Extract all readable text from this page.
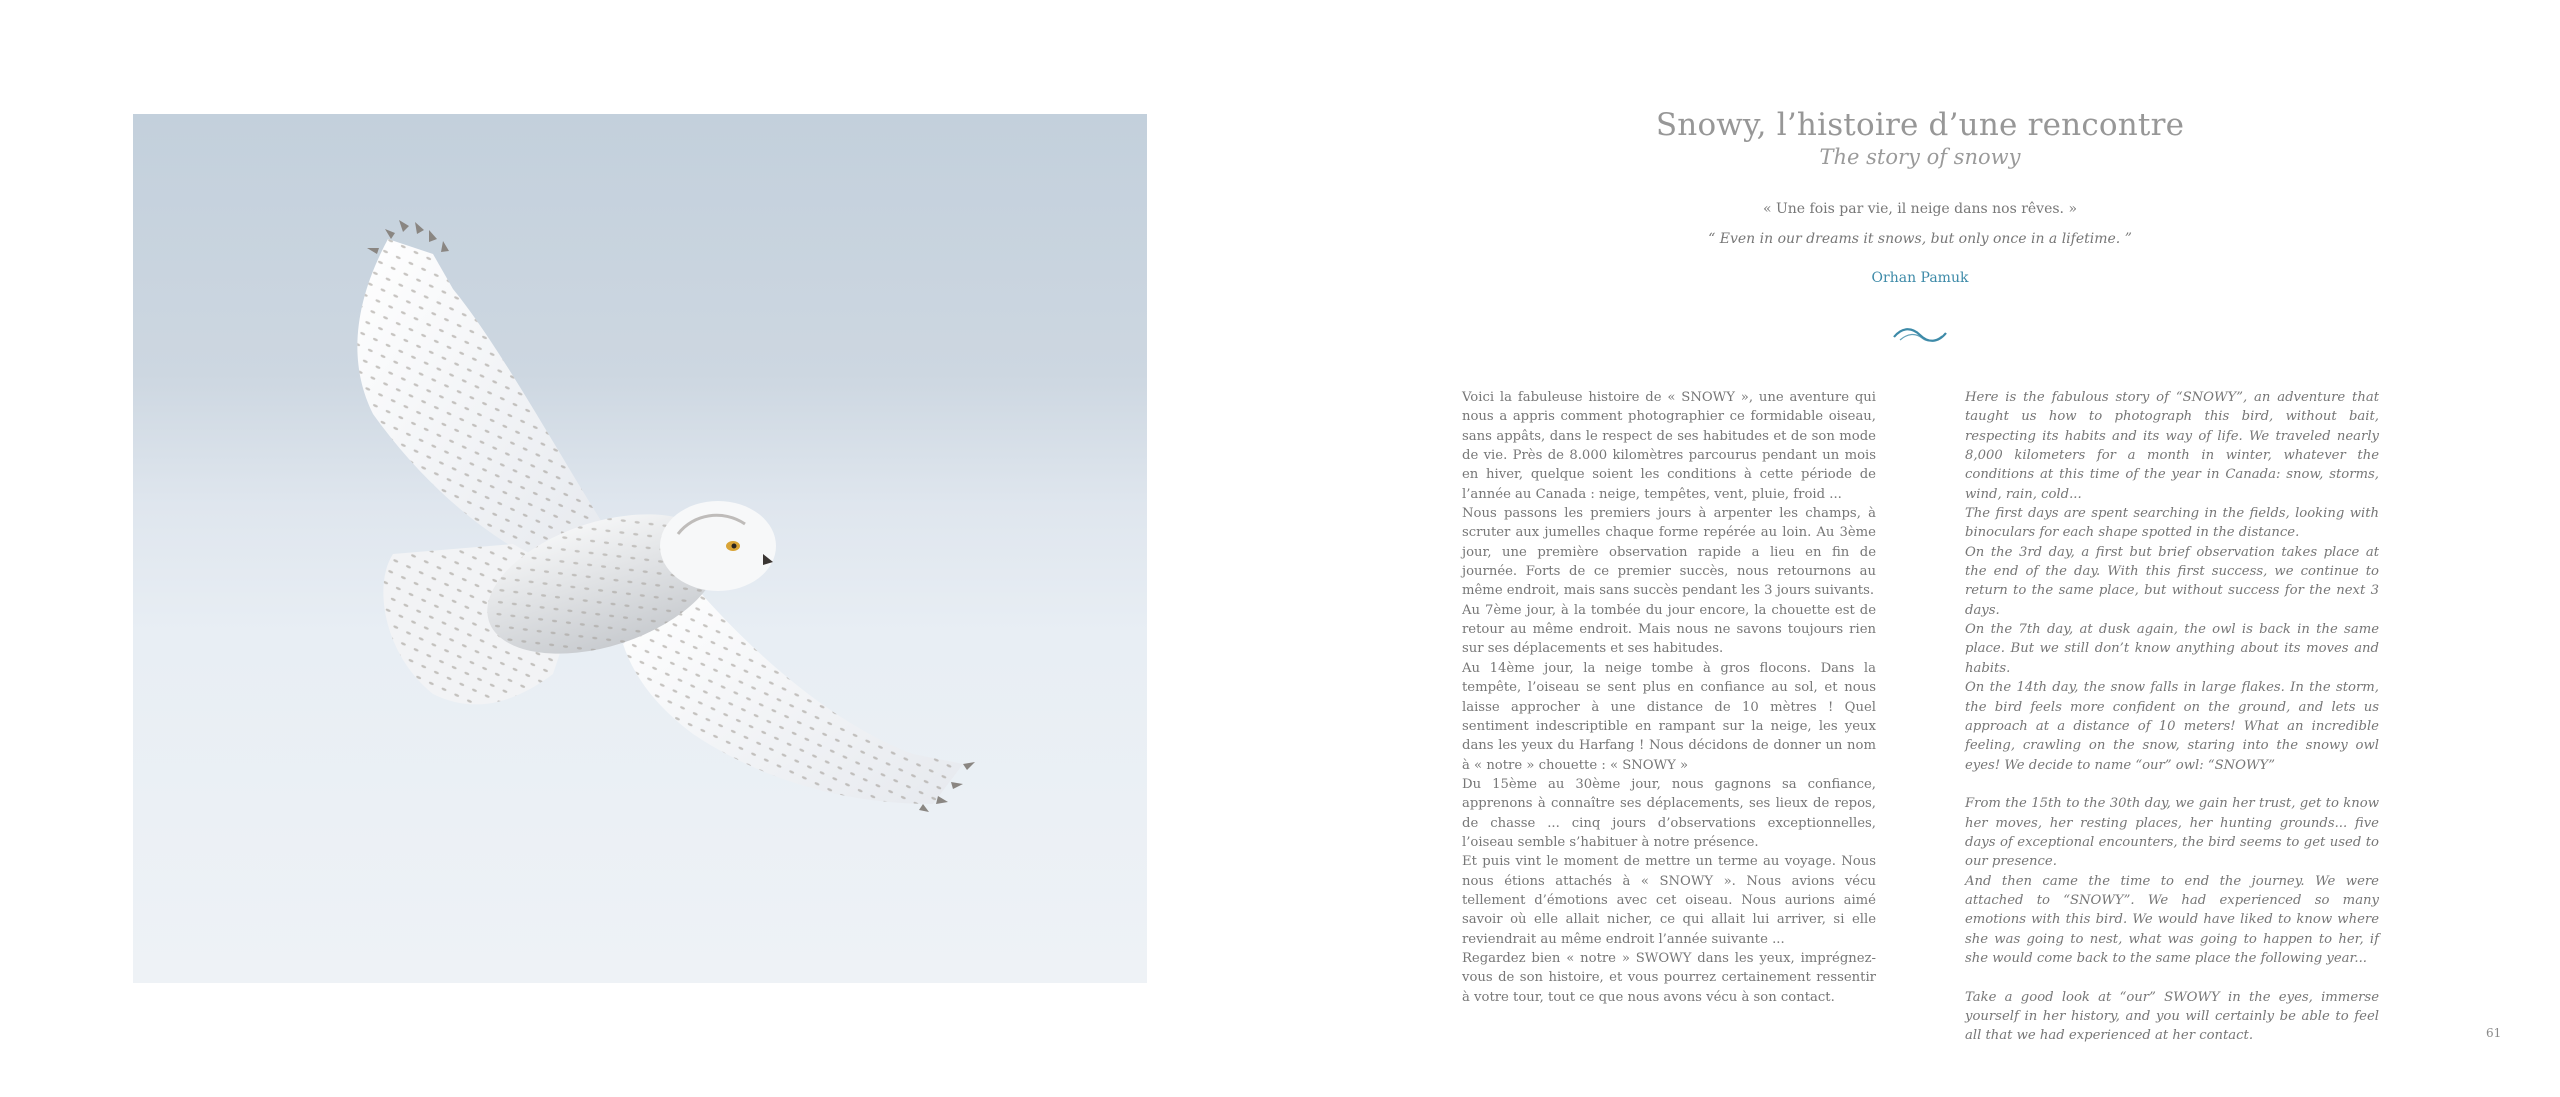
Snowy, l’histoire d’une rencontre
The story of snowy
« Une fois par vie, il neige dans nos rêves. »
“ Even in our dreams it snows, but only once in a lifetime. ”
Orhan Pamuk

Voici la fabuleuse histoire de « SNOWY », une aventure qui nous a appris comment photographier ce formidable oiseau, sans appâts, dans le respect de ses habitudes et de son mode de vie. Près de 8.000 kilomètres parcourus pendant un mois en hiver, quelque soient les conditions à cette période de l’année au Canada : neige, tempêtes, vent, pluie, froid ...

Nous passons les premiers jours à arpenter les champs, à scruter aux jumelles chaque forme repérée au loin. Au 3ème jour, une première observation rapide a lieu en fin de journée. Forts de ce premier succès, nous retournons au même endroit, mais sans succès pendant les 3 jours suivants.

Au 7ème jour, à la tombée du jour encore, la chouette est de retour au même endroit. Mais nous ne savons toujours rien sur ses déplacements et ses habitudes.

Au 14ème jour, la neige tombe à gros flocons. Dans la tempête, l’oiseau se sent plus en confiance au sol, et nous laisse approcher à une distance de 10 mètres ! Quel sentiment indescriptible en rampant sur la neige, les yeux dans les yeux du Harfang ! Nous décidons de donner un nom à « notre » chouette : « SNOWY »

Du 15ème au 30ème jour, nous gagnons sa confiance, apprenons à connaître ses déplacements, ses lieux de repos, de chasse ... cinq jours d’observations exceptionnelles, l’oiseau semble s’habituer à notre présence.

Et puis vint le moment de mettre un terme au voyage. Nous nous étions attachés à « SNOWY ». Nous avions vécu tellement d’émotions avec cet oiseau. Nous aurions aimé savoir où elle allait nicher, ce qui allait lui arriver, si elle reviendrait au même endroit l’année suivante ...

Regardez bien « notre » SWOWY dans les yeux, imprégnez-vous de son histoire, et vous pourrez certainement ressentir à votre tour, tout ce que nous avons vécu à son contact.

Here is the fabulous story of “SNOWY”, an adventure that taught us how to photograph this bird, without bait, respecting its habits and its way of life. We traveled nearly 8,000 kilometers for a month in winter, whatever the conditions at this time of the year in Canada: snow, storms, wind, rain, cold...

The first days are spent searching in the fields, looking with binoculars for each shape spotted in the distance.

On the 3rd day, a first but brief observation takes place at the end of the day. With this first success, we continue to return to the same place, but without success for the next 3 days.

On the 7th day, at dusk again, the owl is back in the same place. But we still don’t know anything about its moves and habits.

On the 14th day, the snow falls in large flakes. In the storm, the bird feels more confident on the ground, and lets us approach at a distance of 10 meters! What an incredible feeling, crawling on the snow, staring into the snowy owl eyes! We decide to name “our” owl: “SNOWY”

From the 15th to the 30th day, we gain her trust, get to know her moves, her resting places, her hunting grounds... five days of exceptional encounters, the bird seems to get used to our presence.

And then came the time to end the journey. We were attached to “SNOWY”. We had experienced so many emotions with this bird. We would have liked to know where she was going to nest, what was going to happen to her, if she would come back to the same place the following year...

Take a good look at “our” SWOWY in the eyes, immerse yourself in her history, and you will certainly be able to feel all that we had experienced at her contact.	61
